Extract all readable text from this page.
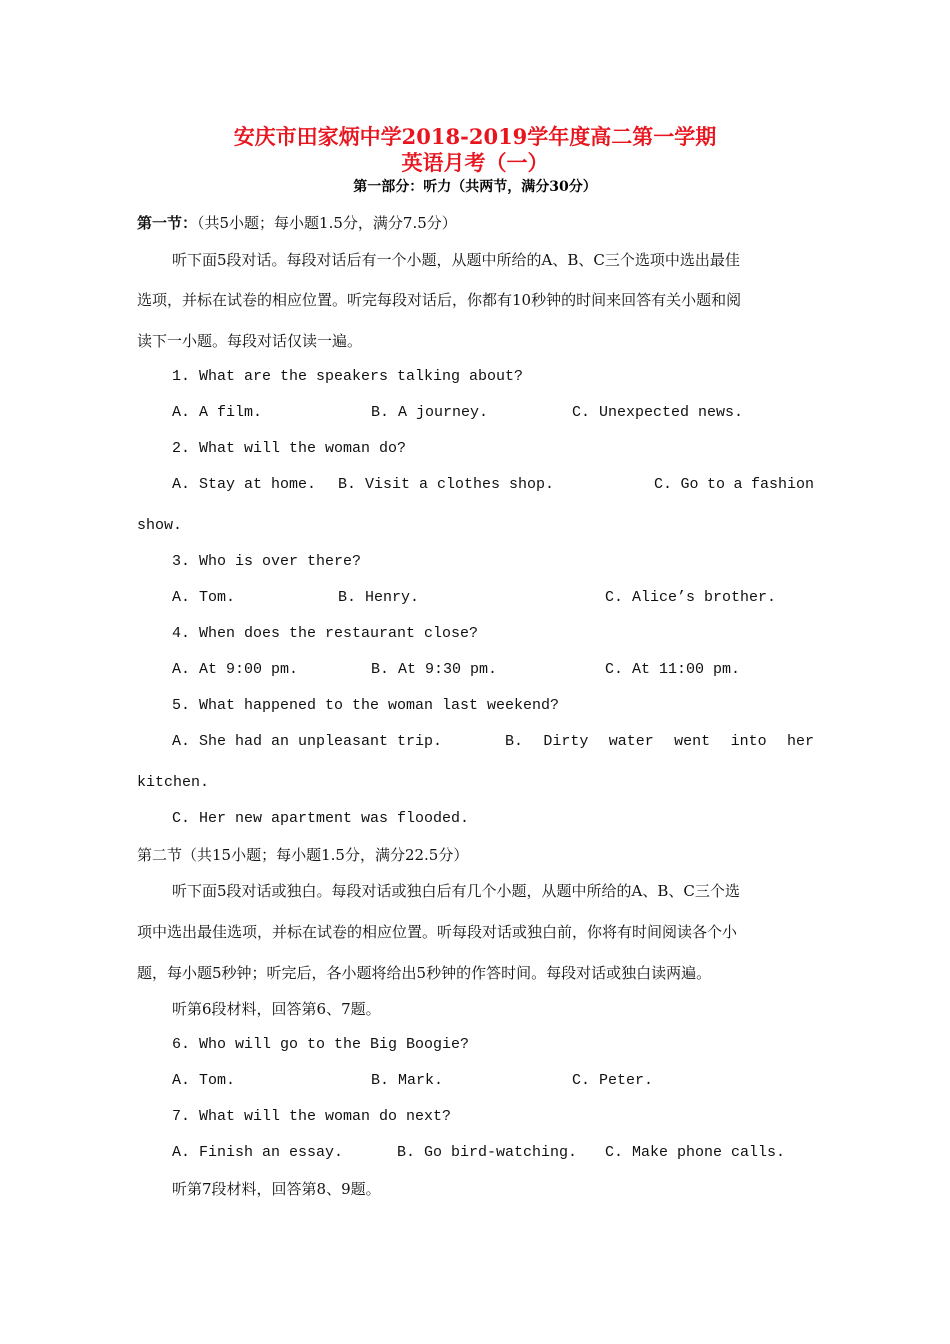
安庆市田家炳中学2018-2019学年度高二第一学期
英语月考（一）
第一部分：听力（共两节，满分30分）
第一节：（共5小题；每小题1.5分，满分7.5分）
听下面5段对话。每段对话后有一个小题，从题中所给的A、B、C三个选项中选出最佳
选项，并标在试卷的相应位置。听完每段对话后，你都有10秒钟的时间来回答有关小题和阅
读下一小题。每段对话仅读一遍。
1. What are the speakers talking about?
A. A film.	B. A journey.	C. Unexpected news.
2. What will the woman do?
A. Stay at home. B. Visit a clothes shop.	C. Go to a fashion
show.
3. Who is over there?
A. Tom.	B. Henry.	C. Alice’s brother.
4. When does the restaurant close?
A. At 9:00 pm.	B. At 9:30 pm.	C. At 11:00 pm.
5. What happened to the woman last weekend?
A. She had an unpleasant trip.	B. Dirty water went into her
kitchen.
C. Her new apartment was flooded.
第二节（共15小题；每小题1.5分，满分22.5分）
听下面5段对话或独白。每段对话或独白后有几个小题，从题中所给的A、B、C三个选
项中选出最佳选项，并标在试卷的相应位置。听每段对话或独白前，你将有时间阅读各个小
题，每小题5秒钟；听完后，各小题将给出5秒钟的作答时间。每段对话或独白读两遍。
听第6段材料，回答第6、7题。
6. Who will go to the Big Boogie?
A. Tom.	B. Mark.	C. Peter.
7. What will the woman do next?
A. Finish an essay.	B. Go bird-watching. C. Make phone calls.
听第7段材料，回答第8、9题。
